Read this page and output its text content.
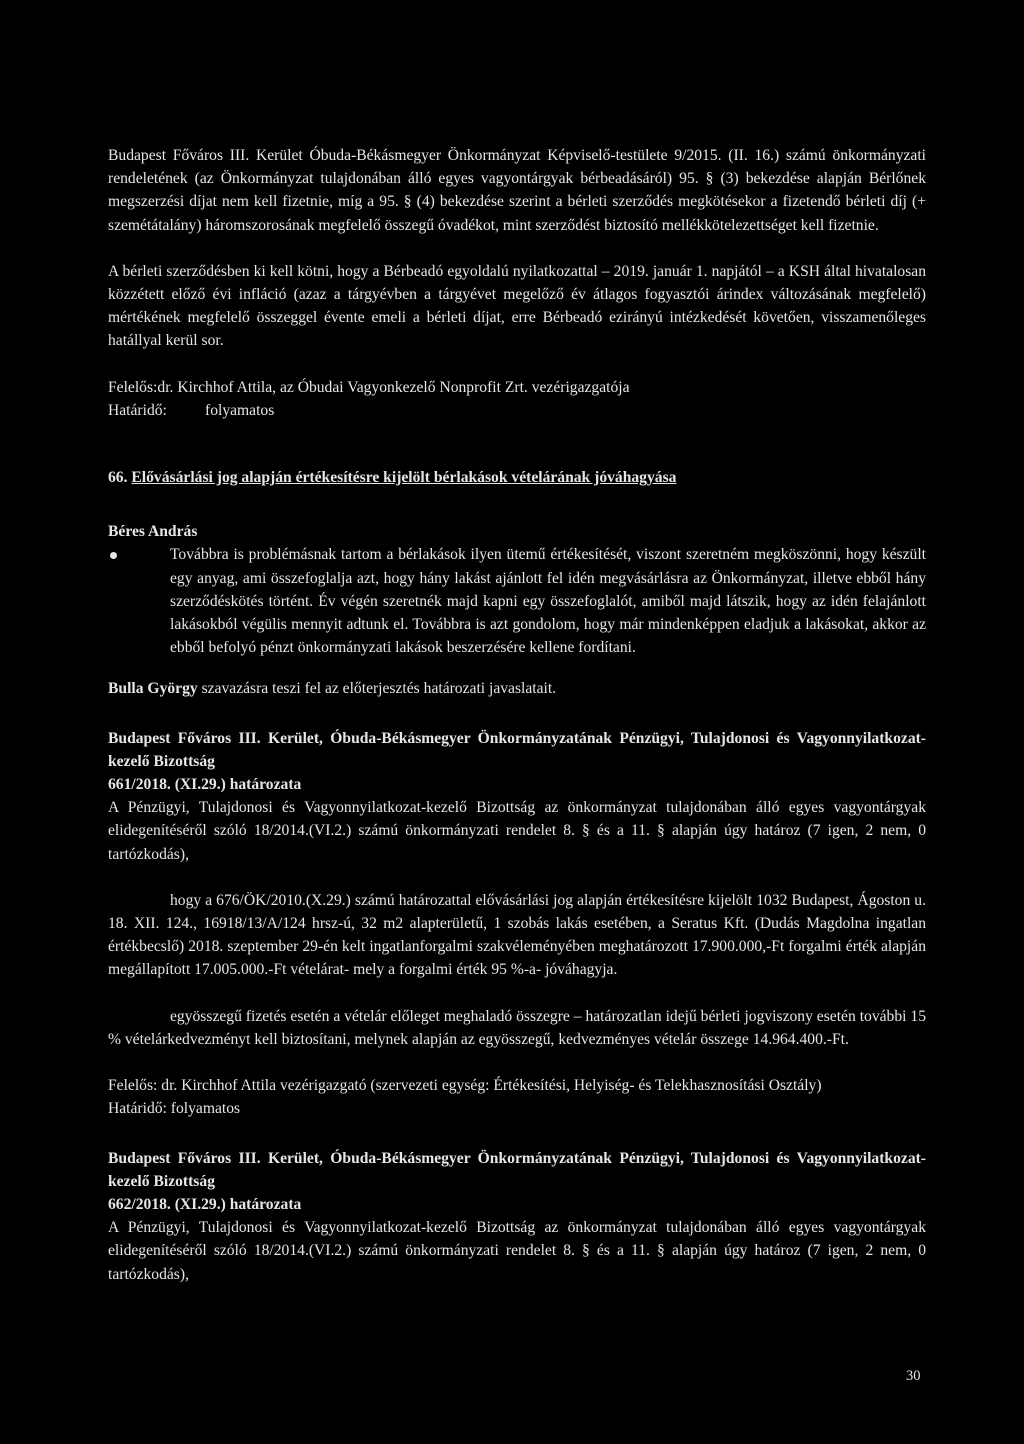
Budapest Főváros III. Kerület Óbuda-Békásmegyer Önkormányzat Képviselő-testülete 9/2015. (II. 16.) számú önkormányzati rendeletének (az Önkormányzat tulajdonában álló egyes vagyontárgyak bérbeadásáról) 95. § (3) bekezdése alapján Bérlőnek megszerzési díjat nem kell fizetnie, míg a 95. § (4) bekezdése szerint a bérleti szerződés megkötésekor a fizetendő bérleti díj (+ szemétátalány) háromszorosának megfelelő összegű óvadékot, mint szerződést biztosító mellékkötelezettséget kell fizetnie.

A bérleti szerződésben ki kell kötni, hogy a Bérbeadó egyoldalú nyilatkozattal – 2019. január 1. napjától – a KSH által hivatalosan közzétett előző évi infláció (azaz a tárgyévben a tárgyévet megelőző év átlagos fogyasztói árindex változásának megfelelő) mértékének megfelelő összeggel évente emeli a bérleti díjat, erre Bérbeadó ezirányú intézkedését követően, visszamenőleges hatállyal kerül sor.

Felelős:dr. Kirchhof Attila, az Óbudai Vagyonkezelő Nonprofit Zrt. vezérigazgatója
Határidő:	folyamatos
66. Elővásárlási jog alapján értékesítésre kijelölt bérlakások vételárának jóváhagyása
Béres András
Továbbra is problémásnak tartom a bérlakások ilyen ütemű értékesítését, viszont szeretném megköszönni, hogy készült egy anyag, ami összefoglalja azt, hogy hány lakást ajánlott fel idén megvásárlásra az Önkormányzat, illetve ebből hány szerződéskötés történt. Év végén szeretnék majd kapni egy összefoglalót, amiből majd látszik, hogy az idén felajánlott lakásokból végülis mennyit adtunk el. Továbbra is azt gondolom, hogy már mindenképpen eladjuk a lakásokat, akkor az ebből befolyó pénzt önkormányzati lakások beszerzésére kellene fordítani.
Bulla György szavazásra teszi fel az előterjesztés határozati javaslatait.
Budapest Főváros III. Kerület, Óbuda-Békásmegyer Önkormányzatának Pénzügyi, Tulajdonosi és Vagyonnyilatkozat-kezelő Bizottság
661/2018. (XI.29.) határozata

A Pénzügyi, Tulajdonosi és Vagyonnyilatkozat-kezelő Bizottság az önkormányzat tulajdonában álló egyes vagyontárgyak elidegenítéséről szóló 18/2014.(VI.2.) számú önkormányzati rendelet 8. § és a 11. § alapján úgy határoz (7 igen, 2 nem, 0 tartózkodás),

hogy a 676/ÖK/2010.(X.29.) számú határozattal elővásárlási jog alapján értékesítésre kijelölt 1032 Budapest, Ágoston u. 18. XII. 124., 16918/13/A/124 hrsz-ú, 32 m2 alapterületű, 1 szobás lakás esetében, a Seratus Kft. (Dudás Magdolna ingatlan értékbecslő) 2018. szeptember 29-én kelt ingatlanforgalmi szakvéleményében meghatározott 17.900.000,-Ft forgalmi érték alapján megállapított 17.005.000.-Ft vételárat- mely a forgalmi érték 95 %-a- jóváhagyja.

egyösszegű fizetés esetén a vételár előleget meghaladó összegre – határozatlan idejű bérleti jogviszony esetén további 15 % vételárkedvezményt kell biztosítani, melynek alapján az egyösszegű, kedvezményes vételár összege 14.964.400.-Ft.

Felelős: dr. Kirchhof Attila vezérigazgató (szervezeti egység: Értékesítési, Helyiség- és Telekhasznosítási Osztály)

Határidő: folyamatos
Budapest Főváros III. Kerület, Óbuda-Békásmegyer Önkormányzatának Pénzügyi, Tulajdonosi és Vagyonnyilatkozat-kezelő Bizottság
662/2018. (XI.29.) határozata

A Pénzügyi, Tulajdonosi és Vagyonnyilatkozat-kezelő Bizottság az önkormányzat tulajdonában álló egyes vagyontárgyak elidegenítéséről szóló 18/2014.(VI.2.) számú önkormányzati rendelet 8. § és a 11. § alapján úgy határoz (7 igen, 2 nem, 0 tartózkodás),

30
